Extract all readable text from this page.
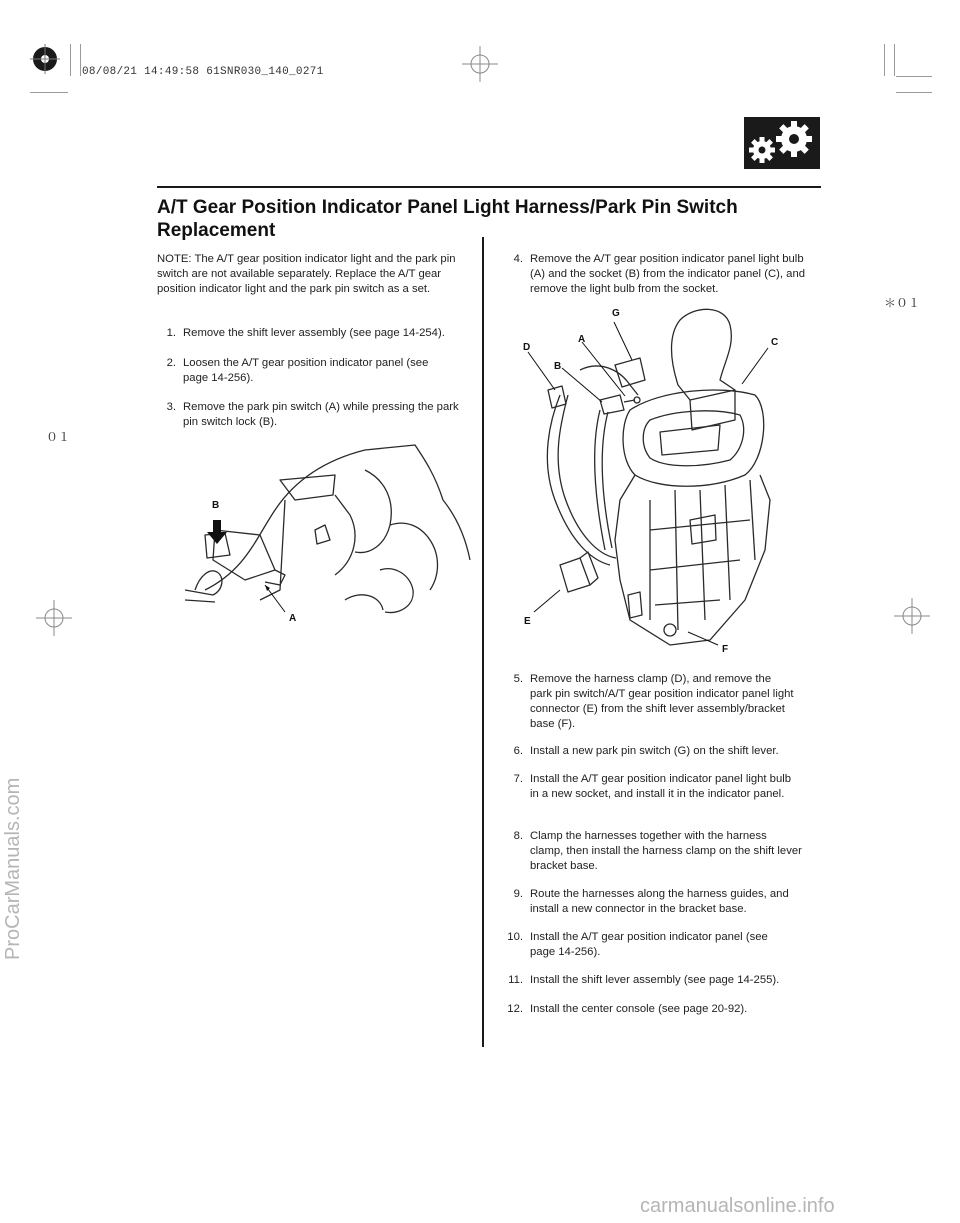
08/08/21 14:49:58 61SNR030_140_0271
０１
＊０１
A/T Gear Position Indicator Panel Light Harness/Park Pin Switch Replacement
NOTE: The A/T gear position indicator light and the park pin switch are not available separately. Replace the A/T gear position indicator light and the park pin switch as a set.
1. Remove the shift lever assembly (see page 14-254).
2. Loosen the A/T gear position indicator panel (see page 14-256).
3. Remove the park pin switch (A) while pressing the park pin switch lock (B).
B
A
4. Remove the A/T gear position indicator panel light bulb (A) and the socket (B) from the indicator panel (C), and remove the light bulb from the socket.
G
A
D	C
B
E
F
5. Remove the harness clamp (D), and remove the park pin switch/A/T gear position indicator panel light connector (E) from the shift lever assembly/bracket base (F).
6. Install a new park pin switch (G) on the shift lever.
7. Install the A/T gear position indicator panel light bulb in a new socket, and install it in the indicator panel.
8. Clamp the harnesses together with the harness clamp, then install the harness clamp on the shift lever bracket base.
9. Route the harnesses along the harness guides, and install a new connector in the bracket base.
10. Install the A/T gear position indicator panel (see page 14-256).
11. Install the shift lever assembly (see page 14-255).
12. Install the center console (see page 20-92).
ProCarManuals.com
carmanualsonline.info
